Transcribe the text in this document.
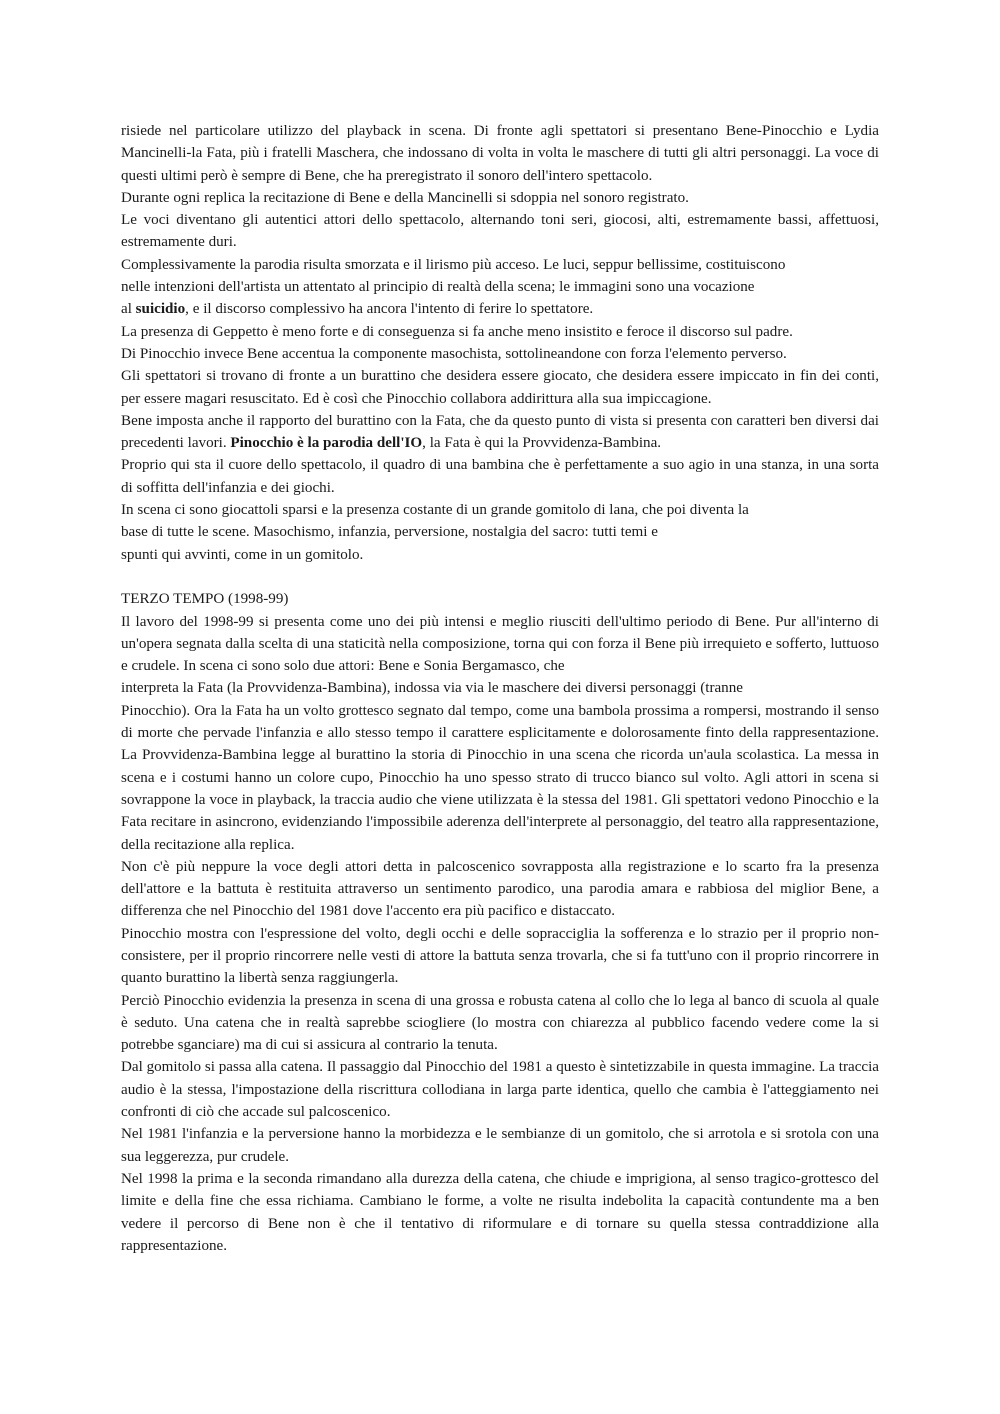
risiede nel particolare utilizzo del playback in scena. Di fronte agli spettatori si presentano Bene-Pinocchio e Lydia Mancinelli-la Fata, più i fratelli Maschera, che indossano di volta in volta le maschere di tutti gli altri personaggi. La voce di questi ultimi però è sempre di Bene, che ha preregistrato il sonoro dell'intero spettacolo.

Durante ogni replica la recitazione di Bene e della Mancinelli si sdoppia nel sonoro registrato.

Le voci diventano gli autentici attori dello spettacolo, alternando toni seri, giocosi, alti, estremamente bassi, affettuosi, estremamente duri.

Complessivamente la parodia risulta smorzata e il lirismo più acceso. Le luci, seppur bellissime, costituiscono
nelle intenzioni dell'artista un attentato al principio di realtà della scena; le immagini sono una vocazione
al suicidio, e il discorso complessivo ha ancora l'intento di ferire lo spettatore.

La presenza di Geppetto è meno forte e di conseguenza si fa anche meno insistito e feroce il discorso sul padre.

Di Pinocchio invece Bene accentua la componente masochista, sottolineandone con forza l'elemento perverso.

Gli spettatori si trovano di fronte a un burattino che desidera essere giocato, che desidera essere impiccato in fin dei conti, per essere magari resuscitato. Ed è così che Pinocchio collabora addirittura alla sua impiccagione.

Bene imposta anche il rapporto del burattino con la Fata, che da questo punto di vista si presenta con caratteri ben diversi dai precedenti lavori. Pinocchio è la parodia dell'IO, la Fata è qui la Provvidenza-Bambina.

Proprio qui sta il cuore dello spettacolo, il quadro di una bambina che è perfettamente a suo agio in una stanza, in una sorta di soffitta dell'infanzia e dei giochi.

In scena ci sono giocattoli sparsi e la presenza costante di un grande gomitolo di lana, che poi diventa la
base di tutte le scene. Masochismo, infanzia, perversione, nostalgia del sacro: tutti temi e
spunti qui avvinti, come in un gomitolo.

TERZO TEMPO (1998-99)

Il lavoro del 1998-99 si presenta come uno dei più intensi e meglio riusciti dell'ultimo periodo di Bene. Pur all'interno di un'opera segnata dalla scelta di una staticità nella composizione, torna qui con forza il Bene più irrequieto e sofferto, luttuoso e crudele. In scena ci sono solo due attori: Bene e Sonia Bergamasco, che

interpreta la Fata (la Provvidenza-Bambina), indossa via via le maschere dei diversi personaggi (tranne

Pinocchio). Ora la Fata ha un volto grottesco segnato dal tempo, come una bambola prossima a rompersi, mostrando il senso di morte che pervade l'infanzia e allo stesso tempo il carattere esplicitamente e dolorosamente finto della rappresentazione. La Provvidenza-Bambina legge al burattino la storia di Pinocchio in una scena che ricorda un'aula scolastica. La messa in scena e i costumi hanno un colore cupo, Pinocchio ha uno spesso strato di trucco bianco sul volto. Agli attori in scena si sovrappone la voce in playback, la traccia audio che viene utilizzata è la stessa del 1981. Gli spettatori vedono Pinocchio e la Fata recitare in asincrono, evidenziando l'impossibile aderenza dell'interprete al personaggio, del teatro alla rappresentazione, della recitazione alla replica.

Non c'è più neppure la voce degli attori detta in palcoscenico sovrapposta alla registrazione e lo scarto fra la presenza dell'attore e la battuta è restituita attraverso un sentimento parodico, una parodia amara e rabbiosa del miglior Bene, a differenza che nel Pinocchio del 1981 dove l'accento era più pacifico e distaccato.

Pinocchio mostra con l'espressione del volto, degli occhi e delle sopracciglia la sofferenza e lo strazio per il proprio non-consistere, per il proprio rincorrere nelle vesti di attore la battuta senza trovarla, che si fa tutt'uno con il proprio rincorrere in quanto burattino la libertà senza raggiungerla.

Perciò Pinocchio evidenzia la presenza in scena di una grossa e robusta catena al collo che lo lega al banco di scuola al quale è seduto. Una catena che in realtà saprebbe sciogliere (lo mostra con chiarezza al pubblico facendo vedere come la si potrebbe sganciare) ma di cui si assicura al contrario la tenuta.

Dal gomitolo si passa alla catena. Il passaggio dal Pinocchio del 1981 a questo è sintetizzabile in questa immagine. La traccia audio è la stessa, l'impostazione della riscrittura collodiana in larga parte identica, quello che cambia è l'atteggiamento nei confronti di ciò che accade sul palcoscenico.

Nel 1981 l'infanzia e la perversione hanno la morbidezza e le sembianze di un gomitolo, che si arrotola e si srotola con una sua leggerezza, pur crudele.

Nel 1998 la prima e la seconda rimandano alla durezza della catena, che chiude e imprigiona, al senso tragico-grottesco del limite e della fine che essa richiama. Cambiano le forme, a volte ne risulta indebolita la capacità contundente ma a ben vedere il percorso di Bene non è che il tentativo di riformulare e di tornare su quella stessa contraddizione alla rappresentazione.
